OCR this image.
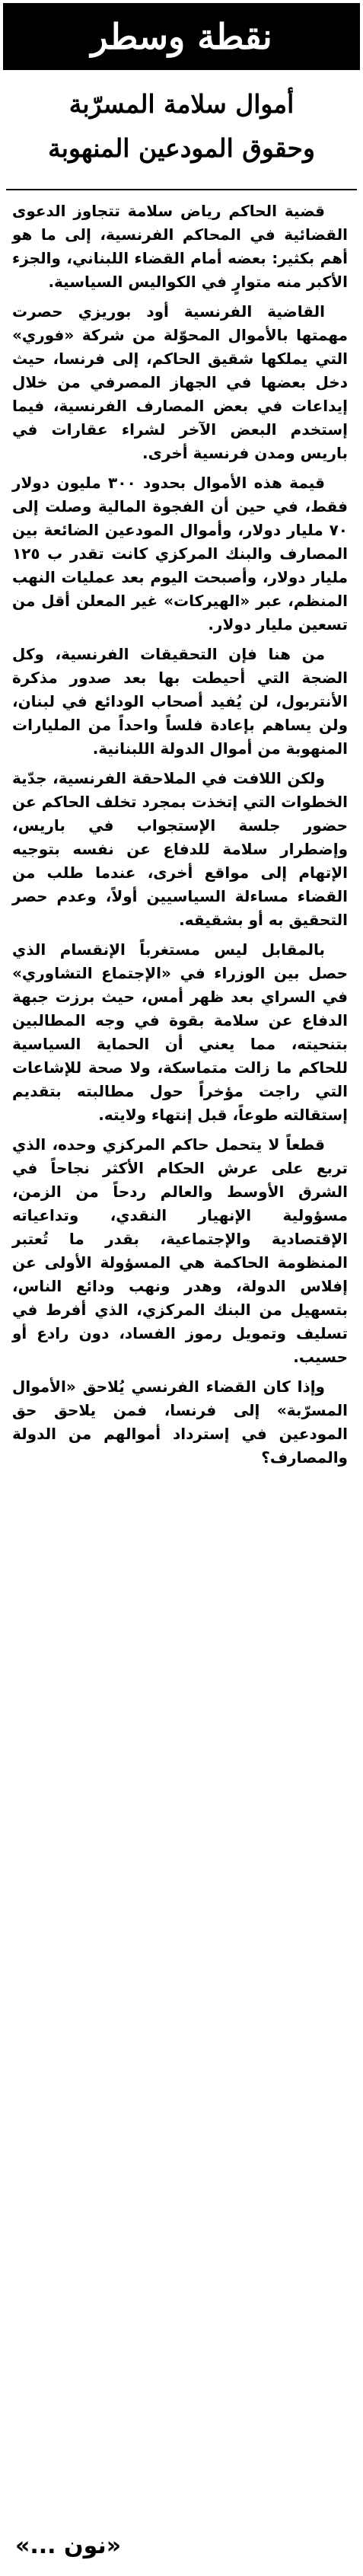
نقطة وسطر
أموال سلامة المسرّبة
وحقوق المودعين المنهوبة

قضية الحاكم رياض سلامة تتجاوز الدعوى القضائية في المحاكم الفرنسية، إلى ما هو أهم بكثير: بعضه أمام القضاء اللبناني، والجزء الأكبر منه متوارٍ في الكواليس السياسية.

القاضية الفرنسية أود بوريزي حصرت مهمتها بالأموال المحوّلة من شركة «فوري» التي يملكها شقيق الحاكم، إلى فرنسا، حيث دخل بعضها في الجهاز المصرفي من خلال إيداعات في بعض المصارف الفرنسية، فيما إستخدم البعض الآخر لشراء عقارات في باريس ومدن فرنسية أخرى.

قيمة هذه الأموال بحدود ٣٠٠ مليون دولار فقط، في حين أن الفجوة المالية وصلت إلى ٧٠ مليار دولار، وأموال المودعين الضائعة بين المصارف والبنك المركزي كانت تقدر ب ١٢٥ مليار دولار، وأصبحت اليوم بعد عمليات النهب المنظم، عبر «الهيركات» غير المعلن أقل من تسعين مليار دولار.

من هنا فإن التحقيقات الفرنسية، وكل الضجة التي أحيطت بها بعد صدور مذكرة الأنتربول، لن يُفيد أصحاب الودائع في لبنان، ولن يساهم بإعادة فلساً واحداً من المليارات المنهوبة من أموال الدولة اللبنانية.

ولكن اللافت في الملاحقة الفرنسية، جدّية الخطوات التي إتخذت بمجرد تخلف الحاكم عن حضور جلسة الإستجواب في باريس، وإضطرار سلامة للدفاع عن نفسه بتوجيه الإتهام إلى مواقع أخرى، عندما طلب من القضاء مساءلة السياسيين أولاً، وعدم حصر التحقيق به أو بشقيقه.

بالمقابل ليس مستغرباً الإنقسام الذي حصل بين الوزراء في «الإجتماع التشاوري» في السراي بعد ظهر أمس، حيث برزت جبهة الدفاع عن سلامة بقوة في وجه المطالبين بتنحيته، مما يعني أن الحماية السياسية للحاكم ما زالت متماسكة، ولا صحة للإشاعات التي راجت مؤخراً حول مطالبته بتقديم إستقالته طوعاً، قبل إنتهاء ولايته.

قطعاً لا يتحمل حاكم المركزي وحده، الذي تربع على عرش الحكام الأكثر نجاحاً في الشرق الأوسط والعالم ردحاً من الزمن، مسؤولية الإنهيار النقدي، وتداعياته الإقتصادية والإجتماعية، بقدر ما تُعتبر المنظومة الحاكمة هي المسؤولة الأولى عن إفلاس الدولة، وهدر ونهب ودائع الناس، بتسهيل من البنك المركزي، الذي أفرط في تسليف وتمويل رموز الفساد، دون رادع أو حسيب.

وإذا كان القضاء الفرنسي يُلاحق «الأموال المسرّبة» إلى فرنسا، فمن يلاحق حق المودعين في إسترداد أموالهم من الدولة والمصارف؟

«نون ...»
